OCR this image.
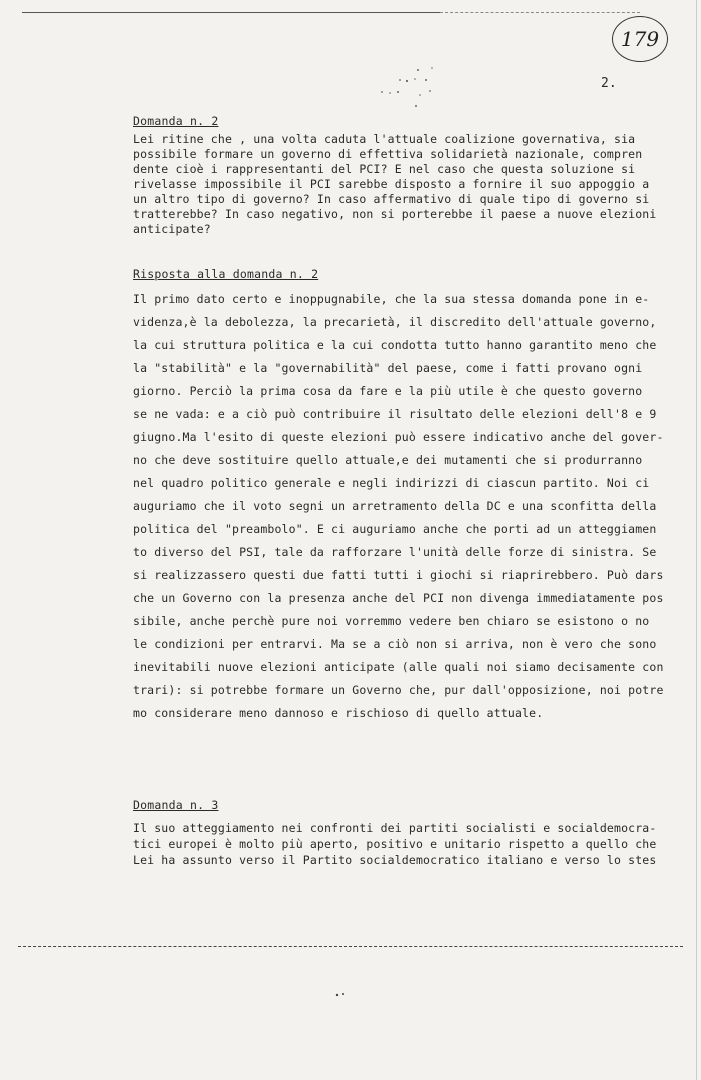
179
2.
Domanda n. 2
Lei ritine che , una volta caduta l'attuale coalizione governativa, sia
possibile formare un governo di effettiva solidarietà nazionale, compren
dente cioè i rappresentanti del PCI? E nel caso che questa soluzione si
rivelasse impossibile il PCI sarebbe disposto a fornire il suo appoggio a
un altro tipo di governo? In caso affermativo di quale tipo di governo si
tratterebbe? In caso negativo, non si porterebbe il paese a nuove elezioni
anticipate?
Risposta alla domanda n. 2
Il primo dato certo e inoppugnabile, che la sua stessa domanda pone in e-
videnza,è la debolezza, la precarietà, il discredito dell'attuale governo,
la cui struttura politica e la cui condotta tutto hanno garantito meno che
la "stabilità" e la "governabilità" del paese, come i fatti provano ogni
giorno. Perciò la prima cosa da fare e la più utile è che questo governo
se ne vada: e a ciò può contribuire il risultato delle elezioni dell'8 e 9
giugno.Ma l'esito di queste elezioni può essere indicativo anche del gover-
no che deve sostituire quello attuale,e dei mutamenti che si produrranno
nel quadro politico generale e negli indirizzi di ciascun partito. Noi ci
auguriamo che il voto segni un arretramento della DC e una sconfitta della
politica del "preambolo". E ci auguriamo anche che porti ad un atteggiamen
to diverso del PSI, tale da rafforzare l'unità delle forze di sinistra. Se
si realizzassero questi due fatti tutti i giochi si riaprirebbero. Può dars
che un Governo con la presenza anche del PCI non divenga immediatamente pos
sibile, anche perchè pure noi vorremmo vedere ben chiaro se esistono o no
le condizioni per entrarvi. Ma se a ciò non si arriva, non è vero che sono
inevitabili nuove elezioni anticipate (alle quali noi siamo decisamente con
trari): si potrebbe formare un Governo che, pur dall'opposizione, noi potre
mo considerare meno dannoso e rischioso di quello attuale.
Domanda n. 3
Il suo atteggiamento nei confronti dei partiti socialisti e socialdemocra-
tici europei è molto più aperto, positivo e unitario rispetto a quello che
Lei ha assunto verso il Partito socialdemocratico italiano e verso lo stes
